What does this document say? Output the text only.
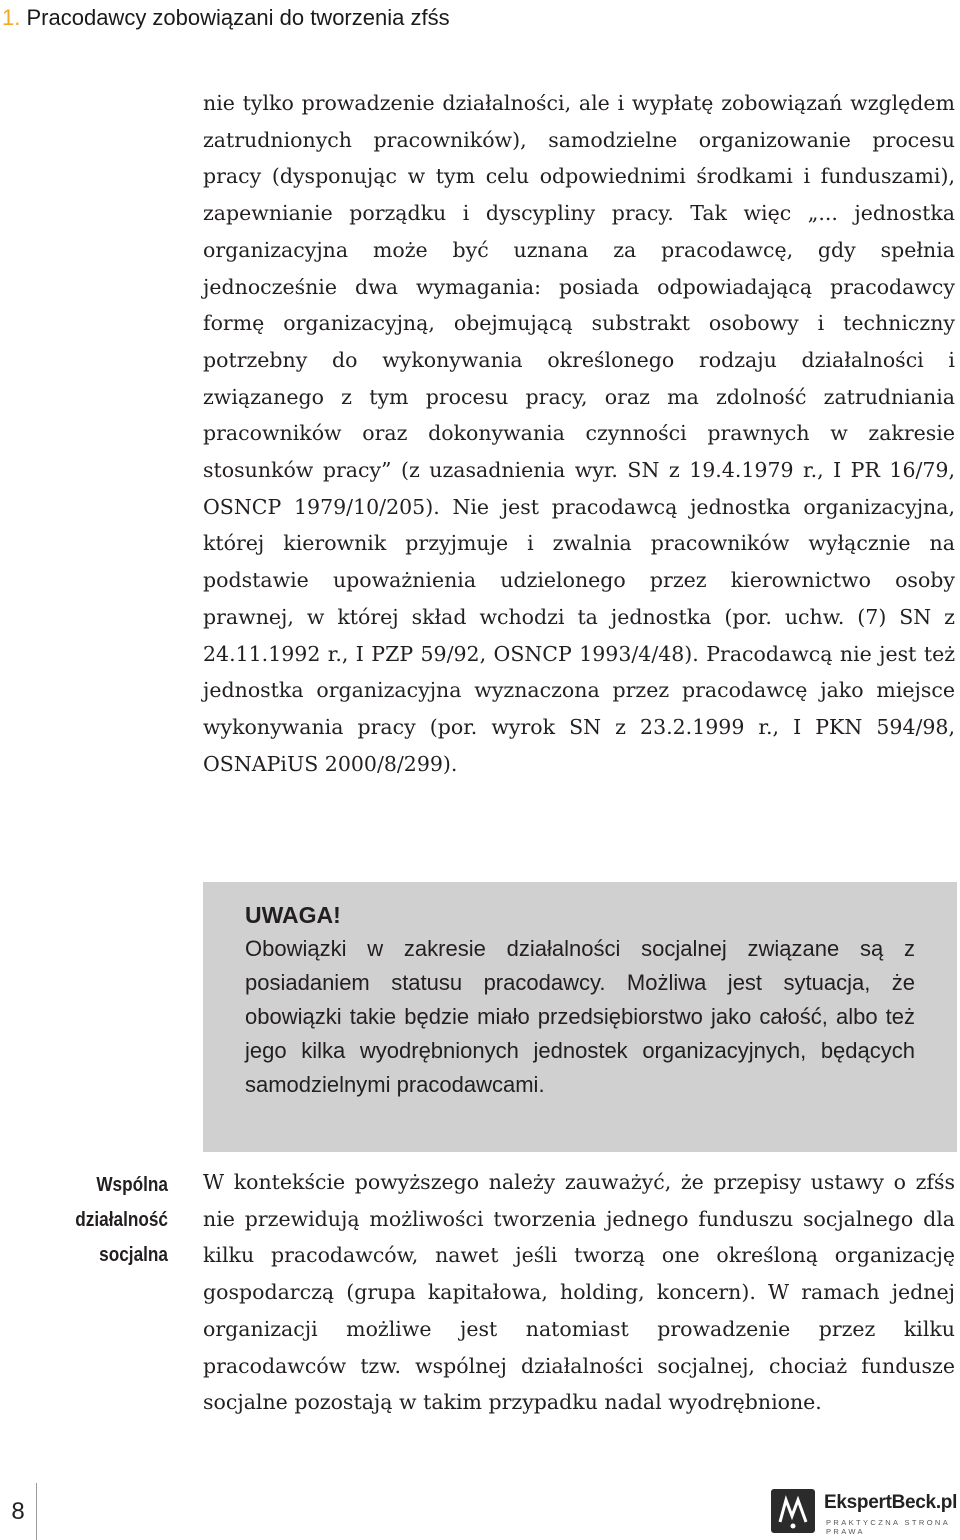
1. Pracodawcy zobowiązani do tworzenia zfśs

nie tylko prowadzenie działalności, ale i wypłatę zobowiązań względem zatrudnionych pracowników), samodzielne organizowanie procesu pracy (dysponując w tym celu odpowiednimi środkami i funduszami), zapewnianie porządku i dyscypliny pracy. Tak więc „... jednostka organizacyjna może być uznana za pracodawcę, gdy spełnia jednocześnie dwa wymagania: posiada odpowiadającą pracodawcy formę organizacyjną, obejmującą substrakt osobowy i techniczny potrzebny do wykonywania określonego rodzaju działalności i związanego z tym procesu pracy, oraz ma zdolność zatrudniania pracowników oraz dokonywania czynności prawnych w zakresie stosunków pracy” (z uzasadnienia wyr. SN z 19.4.1979 r., I PR 16/79, OSNCP 1979/10/205). Nie jest pracodawcą jednostka organizacyjna, której kierownik przyjmuje i zwalnia pracowników wyłącznie na podstawie upoważnienia udzielonego przez kierownictwo osoby prawnej, w której skład wchodzi ta jednostka (por. uchw. (7) SN z 24.11.1992 r., I PZP 59/92, OSNCP 1993/4/48). Pracodawcą nie jest też jednostka organizacyjna wyznaczona przez pracodawcę jako miejsce wykonywania pracy (por. wyrok SN z 23.2.1999 r., I PKN 594/98, OSNAPiUS 2000/8/299).

UWAGA!
Obowiązki w zakresie działalności socjalnej związane są z posiadaniem statusu pracodawcy. Możliwa jest sytuacja, że obowiązki takie będzie miało przedsiębiorstwo jako całość, albo też jego kilka wyodrębnionych jednostek organizacyjnych, będących samodzielnymi pracodawcami.
Wspólna
działalność
socjalna

W kontekście powyższego należy zauważyć, że przepisy ustawy o zfśs nie przewidują możliwości tworzenia jednego funduszu socjalnego dla kilku pracodawców, nawet jeśli tworzą one określoną organizację gospodarczą (grupa kapitałowa, holding, koncern). W ramach jednej organizacji możliwe jest natomiast prowadzenie przez kilku pracodawców tzw. wspólnej działalności socjalnej, chociaż fundusze socjalne pozostają w takim przypadku nadal wyodrębnione.

8	EkspertBeck.pl
PRAKTYCZNA STRONA PRAWA
